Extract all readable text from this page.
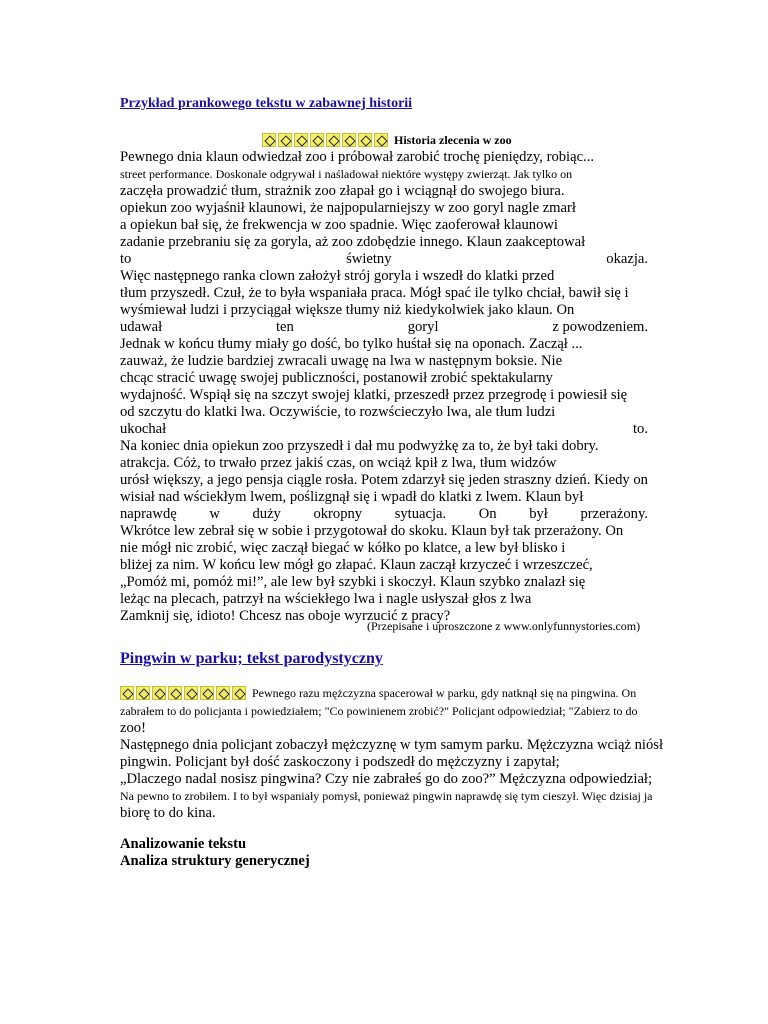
Przykład prankowego tekstu w zabawnej historii
Historia zlecenia w zoo
Pewnego dnia klaun odwiedzał zoo i próbował zarobić trochę pieniędzy, robiąc...
street performance. Doskonale odgrywał i naśladował niektóre występy zwierząt. Jak tylko on
zaczęła prowadzić tłum, strażnik zoo złapał go i wciągnął do swojego biura.
opiekun zoo wyjaśnił klaunowi, że najpopularniejszy w zoo goryl nagle zmarł
a opiekun bał się, że frekwencja w zoo spadnie. Więc zaoferował klaunowi
zadanie przebraniu się za goryla, aż zoo zdobędzie innego. Klaun zaakceptował
to	świetny	okazja.
Więc następnego ranka clown założył strój goryla i wszedł do klatki przed
tłum przyszedł. Czuł, że to była wspaniała praca. Mógł spać ile tylko chciał, bawił się i
wyśmiewał ludzi i przyciągał większe tłumy niż kiedykolwiek jako klaun. On
udawał	ten	goryl	z powodzeniem.
Jednak w końcu tłumy miały go dość, bo tylko huśtał się na oponach. Zaczął ...
zauważ, że ludzie bardziej zwracali uwagę na lwa w następnym boksie. Nie
chcąc stracić uwagę swojej publiczności, postanowił zrobić spektakularny
wydajność. Wspiął się na szczyt swojej klatki, przeszedł przez przegrodę i powiesił się
od szczytu do klatki lwa. Oczywiście, to rozwścieczyło lwa, ale tłum ludzi
ukochał	to.
Na koniec dnia opiekun zoo przyszedł i dał mu podwyżkę za to, że był taki dobry.
atrakcja. Cóż, to trwało przez jakiś czas, on wciąż kpił z lwa, tłum widzów
urósł większy, a jego pensja ciągle rosła. Potem zdarzył się jeden straszny dzień. Kiedy on
wisiał nad wściekłym lwem, poślizgnął się i wpadł do klatki z lwem. Klaun był
naprawdę w duży okropny sytuacja. On był przerażony.
Wkrótce lew zebrał się w sobie i przygotował do skoku. Klaun był tak przerażony. On
nie mógł nic zrobić, więc zaczął biegać w kółko po klatce, a lew był blisko i
bliżej za nim. W końcu lew mógł go złapać. Klaun zaczął krzyczeć i wrzeszczeć,
„Pomóż mi, pomóż mi!”, ale lew był szybki i skoczył. Klaun szybko znalazł się
leżąc na plecach, patrzył na wściekłego lwa i nagle usłyszał głos z lwa
Zamknij się, idioto! Chcesz nas oboje wyrzucić z pracy?
(Przepisane i uproszczone z www.onlyfunnystories.com)
Pingwin w parku; tekst parodystyczny
Pewnego razu mężczyzna spacerował w parku, gdy natknął się na pingwina. On
zabrałem to do policjanta i powiedziałem; "Co powinienem zrobić?" Policjant odpowiedział; "Zabierz to do
zoo!
Następnego dnia policjant zobaczył mężczyznę w tym samym parku. Mężczyzna wciąż niósł
pingwin. Policjant był dość zaskoczony i podszedł do mężczyzny i zapytał;
„Dlaczego nadal nosisz pingwina? Czy nie zabrałeś go do zoo?” Mężczyzna odpowiedział;
Na pewno to zrobiłem. I to był wspaniały pomysł, ponieważ pingwin naprawdę się tym cieszył. Więc dzisiaj ja
biorę to do kina.
Analizowanie tekstu
Analiza struktury generycznej
